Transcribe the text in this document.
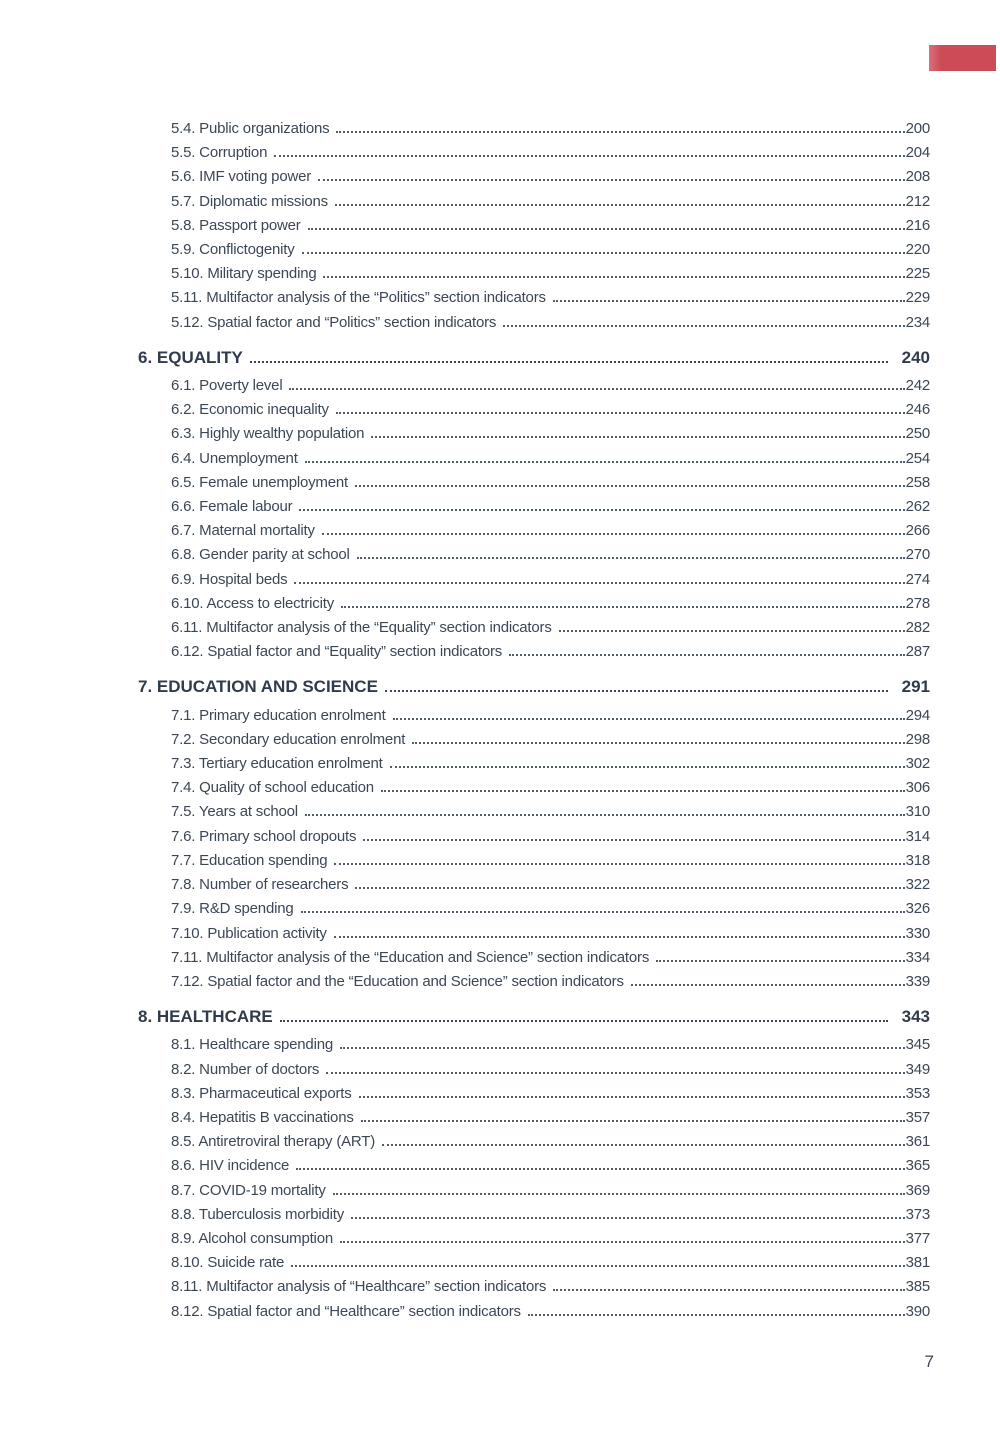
5.4. Public organizations	200
5.5. Corruption	204
5.6. IMF voting power	208
5.7. Diplomatic missions	212
5.8. Passport power	216
5.9. Conflictogenity	220
5.10. Military spending	225
5.11. Multifactor analysis of the “Politics” section indicators	229
5.12. Spatial factor and “Politics” section indicators	234
6. EQUALITY	240
6.1. Poverty level	242
6.2. Economic inequality	246
6.3. Highly wealthy population	250
6.4. Unemployment	254
6.5. Female unemployment	258
6.6. Female labour	262
6.7. Maternal mortality	266
6.8. Gender parity at school	270
6.9. Hospital beds	274
6.10. Access to electricity	278
6.11. Multifactor analysis of the “Equality” section indicators	282
6.12. Spatial factor and “Equality” section indicators	287
7. EDUCATION AND SCIENCE	291
7.1. Primary education enrolment	294
7.2. Secondary education enrolment	298
7.3. Tertiary education enrolment	302
7.4. Quality of school education	306
7.5. Years at school	310
7.6. Primary school dropouts	314
7.7. Education spending	318
7.8. Number of researchers	322
7.9. R&D spending	326
7.10. Publication activity	330
7.11. Multifactor analysis of the “Education and Science” section indicators	334
7.12. Spatial factor and the “Education and Science” section indicators	339
8. HEALTHCARE	343
8.1. Healthcare spending	345
8.2. Number of doctors	349
8.3. Pharmaceutical exports	353
8.4. Hepatitis B vaccinations	357
8.5. Antiretroviral therapy (ART)	361
8.6. HIV incidence	365
8.7. COVID-19 mortality	369
8.8. Tuberculosis morbidity	373
8.9. Alcohol consumption	377
8.10. Suicide rate	381
8.11. Multifactor analysis of “Healthcare” section indicators	385
8.12. Spatial factor and “Healthcare” section indicators	390
7
